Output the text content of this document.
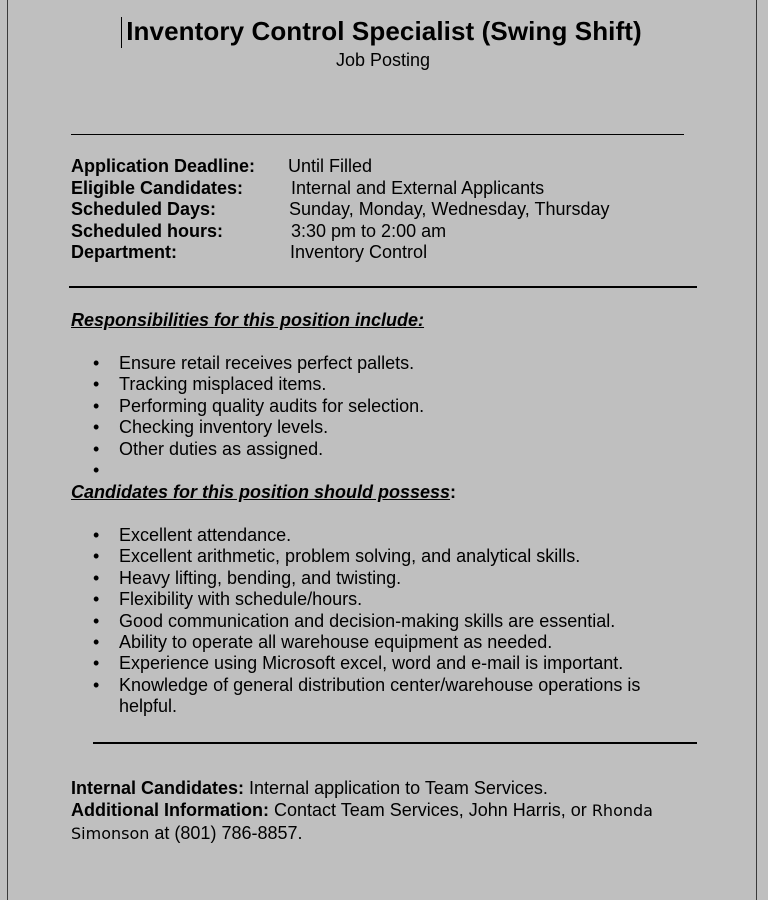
Inventory Control Specialist (Swing Shift)
Job Posting
Application Deadline: Until Filled
Eligible Candidates:	Internal and External Applicants
Scheduled Days:	Sunday, Monday, Wednesday, Thursday
Scheduled hours:	3:30 pm to 2:00 am
Department:	Inventory Control
Responsibilities for this position include:
• Ensure retail receives perfect pallets.
• Tracking misplaced items.
• Performing quality audits for selection.
• Checking inventory levels.
• Other duties as assigned.
•
Candidates for this position should possess:
• Excellent attendance.
• Excellent arithmetic, problem solving, and analytical skills.
• Heavy lifting, bending, and twisting.
• Flexibility with schedule/hours.
• Good communication and decision-making skills are essential.
• Ability to operate all warehouse equipment as needed.
• Experience using Microsoft excel, word and e-mail is important.
• Knowledge of general distribution center/warehouse operations is helpful.
Internal Candidates: Internal application to Team Services.
Additional Information: Contact Team Services, John Harris, or Rhonda
Simonson at (801) 786-8857.
